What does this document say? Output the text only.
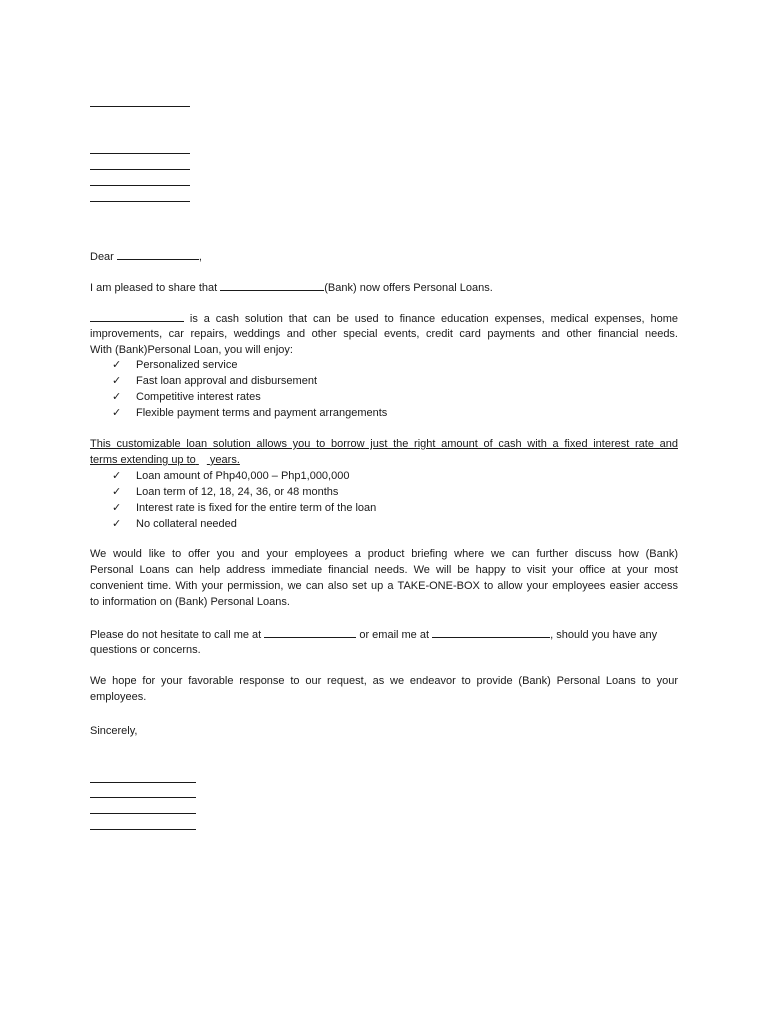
Dear	,
I am pleased to share that	(Bank) now offers Personal Loans.
is a cash solution that can be used to finance education expenses, medical expenses, home
improvements, car repairs, weddings and other special events, credit card payments and other financial needs.
With (Bank)Personal Loan, you will enjoy:
✓ Personalized service
✓ Fast loan approval and disbursement
✓ Competitive interest rates
✓ Flexible payment terms and payment arrangements
This customizable loan solution allows you to borrow just the right amount of cash with a fixed interest rate and
terms extending up to years.
✓ Loan amount of Php40,000 – Php1,000,000
✓ Loan term of 12, 18, 24, 36, or 48 months
✓ Interest rate is fixed for the entire term of the loan
✓ No collateral needed
We would like to offer you and your employees a product briefing where we can further discuss how (Bank)
Personal Loans can help address immediate financial needs. We will be happy to visit your office at your most
convenient time. With your permission, we can also set up a TAKE-ONE-BOX to allow your employees easier access
to information on (Bank) Personal Loans.
Please do not hesitate to call me at	or email me at	, should you have any
questions or concerns.
We hope for your favorable response to our request, as we endeavor to provide (Bank) Personal Loans to your
employees.
Sincerely,
